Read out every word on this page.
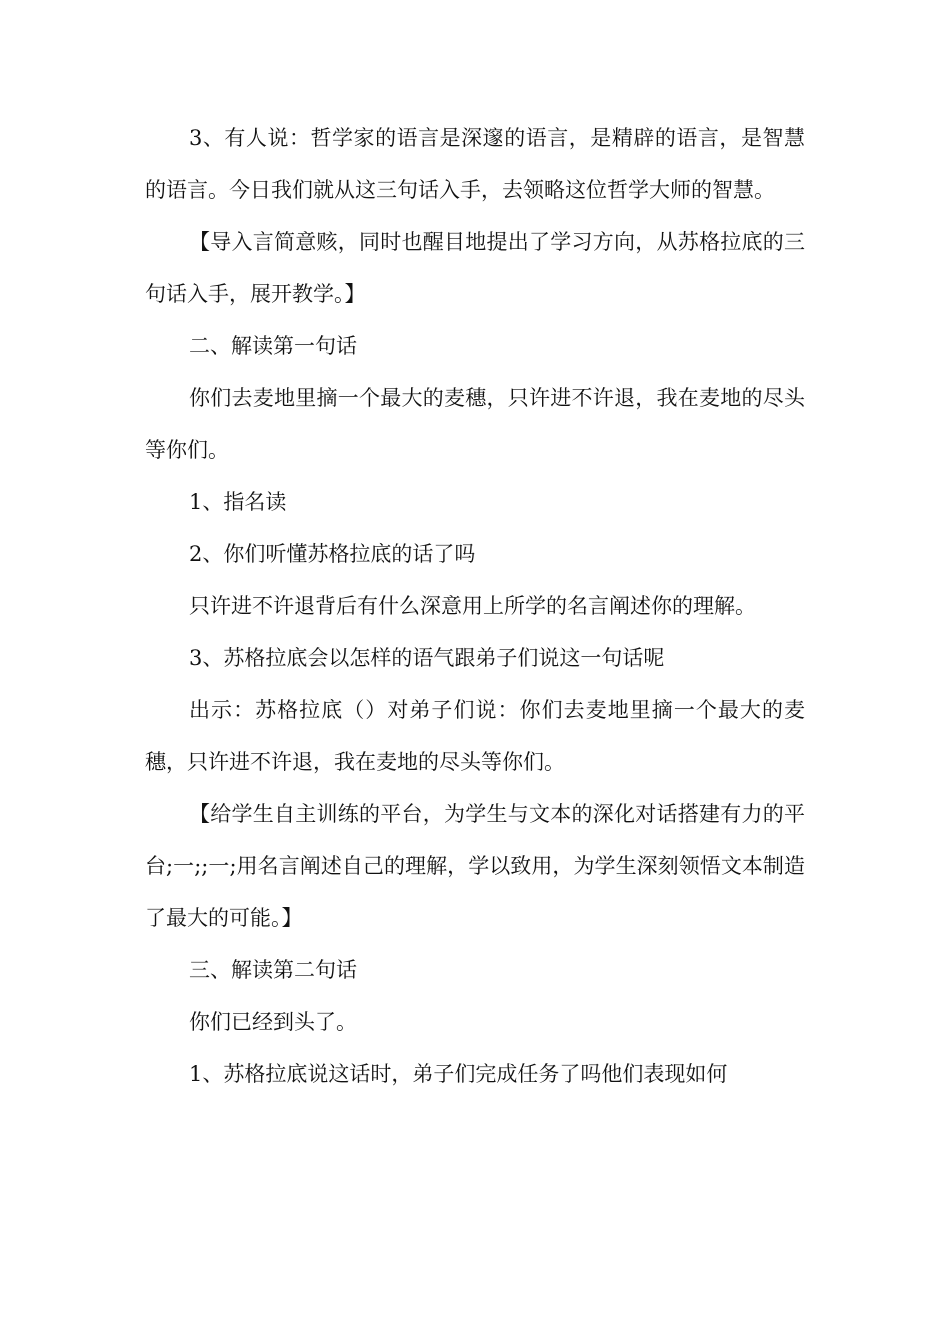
3、有人说：哲学家的语言是深邃的语言，是精辟的语言，是智慧的语言。今日我们就从这三句话入手，去领略这位哲学大师的智慧。

【导入言简意赅，同时也醒目地提出了学习方向，从苏格拉底的三句话入手，展开教学。】

二、解读第一句话

你们去麦地里摘一个最大的麦穗，只许进不许退，我在麦地的尽头等你们。

1、指名读

2、你们听懂苏格拉底的话了吗

只许进不许退背后有什么深意用上所学的名言阐述你的理解。

3、苏格拉底会以怎样的语气跟弟子们说这一句话呢

出示：苏格拉底（）对弟子们说：你们去麦地里摘一个最大的麦穗，只许进不许退，我在麦地的尽头等你们。

【给学生自主训练的平台，为学生与文本的深化对话搭建有力的平台;一;;一;用名言阐述自己的理解，学以致用，为学生深刻领悟文本制造了最大的可能。】

三、解读第二句话

你们已经到头了。

1、苏格拉底说这话时，弟子们完成任务了吗他们表现如何
